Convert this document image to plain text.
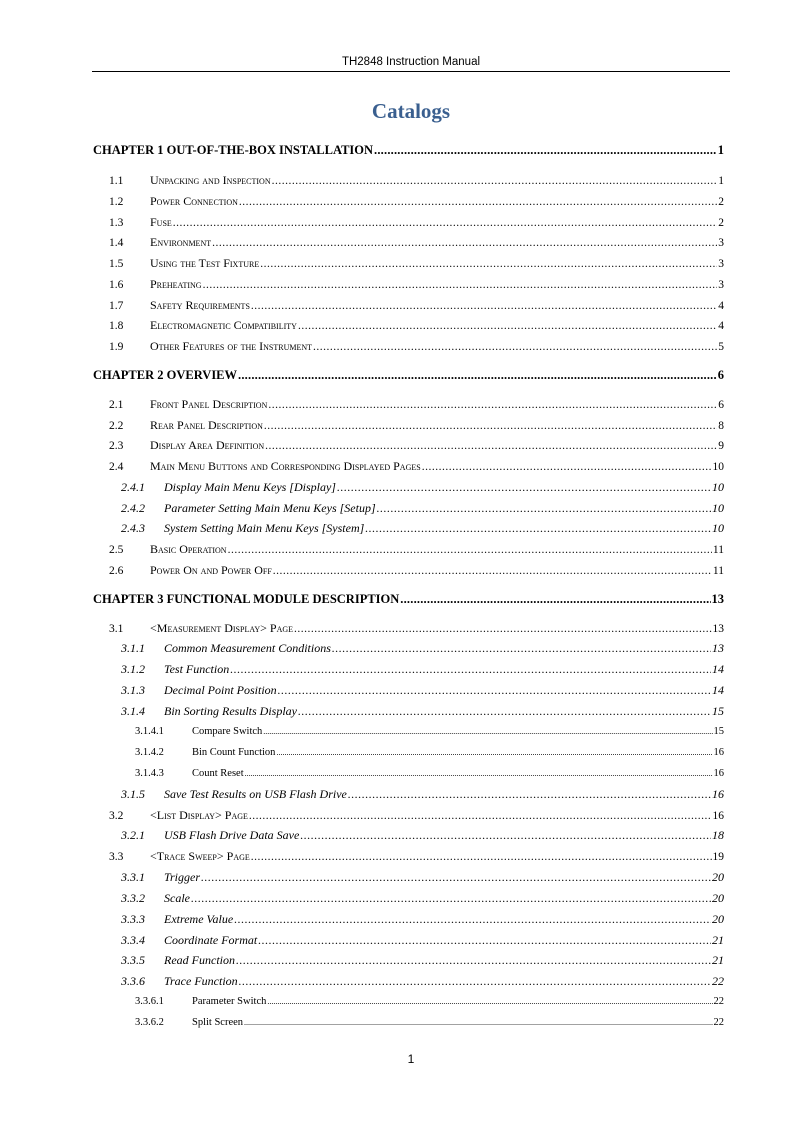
TH2848 Instruction Manual
Catalogs
CHAPTER 1 OUT-OF-THE-BOX INSTALLATION .....	1
1.1 Unpacking and Inspection .....	1
1.2 Power Connection .....	2
1.3 Fuse .....	2
1.4 Environment .....	3
1.5 Using the Test Fixture .....	3
1.6 Preheating .....	3
1.7 Safety Requirements .....	4
1.8 Electromagnetic Compatibility .....	4
1.9 Other Features of the Instrument .....	5
CHAPTER 2 OVERVIEW .....	6
2.1 Front Panel Description .....	6
2.2 Rear Panel Description .....	8
2.3 Display Area Definition .....	9
2.4 Main Menu Buttons and Corresponding Displayed Pages .....	10
2.4.1	Display Main Menu Keys [Display] .....	10
2.4.2	Parameter Setting Main Menu Keys [Setup] .....	10
2.4.3	System Setting Main Menu Keys [System] .....	10
2.5 Basic Operation .....	11
2.6 Power On and Power Off .....	11
CHAPTER 3 FUNCTIONAL MODULE DESCRIPTION .....	13
3.1 <Measurement Display> Page .....	13
3.1.1	Common Measurement Conditions .....	13
3.1.2	Test Function .....	14
3.1.3	Decimal Point Position .....	14
3.1.4	Bin Sorting Results Display .....	15
3.1.4.1	Compare Switch .....	15
3.1.4.2	Bin Count Function .....	16
3.1.4.3	Count Reset .....	16
3.1.5	Save Test Results on USB Flash Drive .....	16
3.2 <List Display> Page .....	16
3.2.1	USB Flash Drive Data Save .....	18
3.3 <Trace Sweep> Page .....	19
3.3.1	Trigger .....	20
3.3.2	Scale .....	20
3.3.3	Extreme Value .....	20
3.3.4	Coordinate Format .....	21
3.3.5	Read Function .....	21
3.3.6	Trace Function .....	22
3.3.6.1	Parameter Switch .....	22
3.3.6.2	Split Screen .....	22
1
